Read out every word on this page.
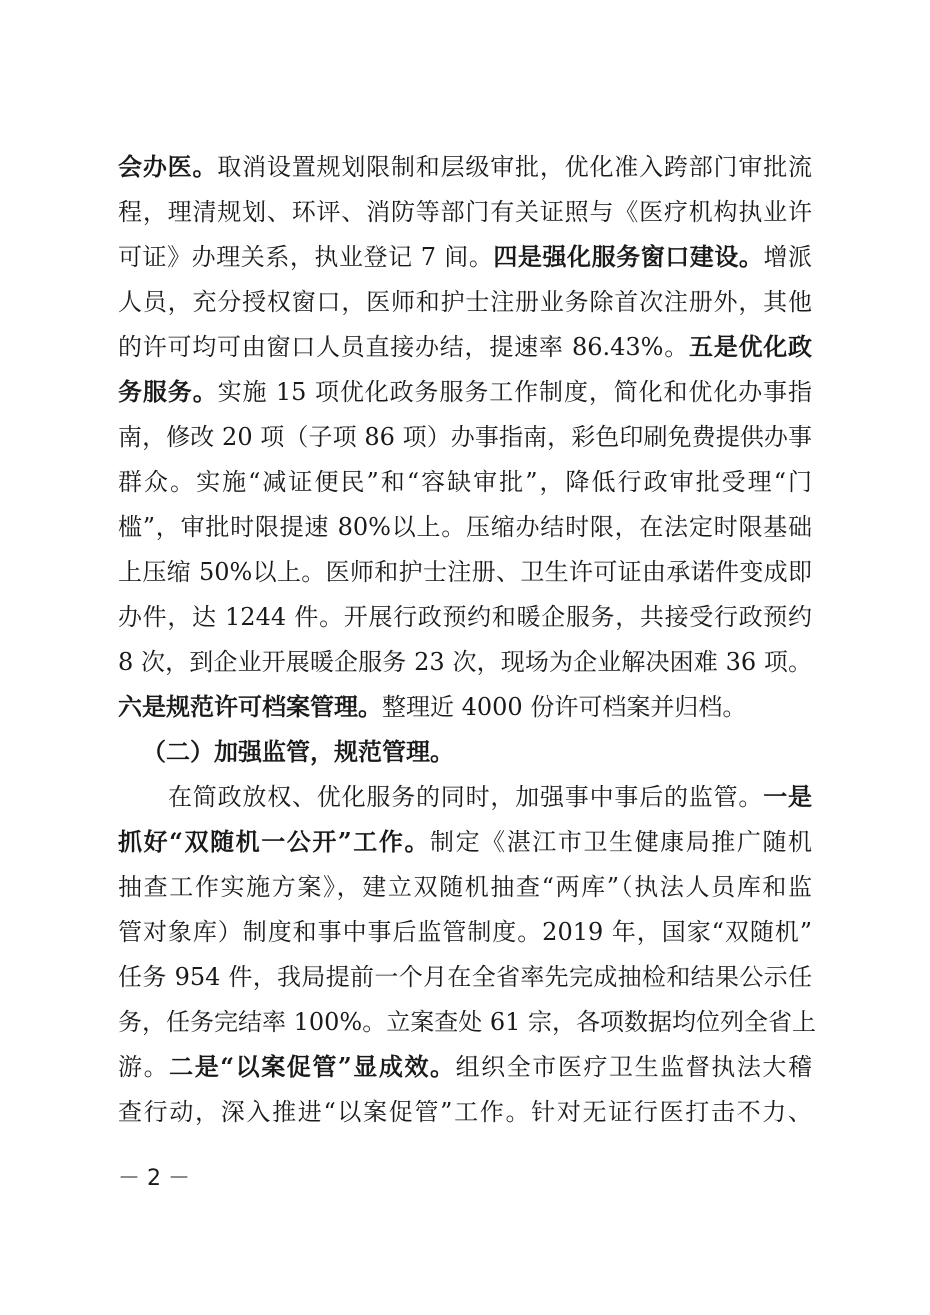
会办医。取消设置规划限制和层级审批，优化准入跨部门审批流
程，理清规划、环评、消防等部门有关证照与《医疗机构执业许
可证》办理关系，执业登记 7 间。四是强化服务窗口建设。增派
人员，充分授权窗口，医师和护士注册业务除首次注册外，其他
的许可均可由窗口人员直接办结，提速率 86.43%。五是优化政
务服务。实施 15 项优化政务服务工作制度，简化和优化办事指
南，修改 20 项（子项 86 项）办事指南，彩色印刷免费提供办事
群众。实施“减证便民”和“容缺审批”，降低行政审批受理“门
槛”，审批时限提速 80%以上。压缩办结时限，在法定时限基础
上压缩 50%以上。医师和护士注册、卫生许可证由承诺件变成即
办件，达 1244 件。开展行政预约和暖企服务，共接受行政预约
8 次，到企业开展暖企服务 23 次，现场为企业解决困难 36 项。
六是规范许可档案管理。整理近 4000 份许可档案并归档。
（二）加强监管，规范管理。
在简政放权、优化服务的同时，加强事中事后的监管。一是
抓好“双随机一公开”工作。制定《湛江市卫生健康局推广随机
抽查工作实施方案》，建立双随机抽查“两库”（执法人员库和监
管对象库）制度和事中事后监管制度。2019 年，国家“双随机”
任务 954 件，我局提前一个月在全省率先完成抽检和结果公示任
务，任务完结率 100%。立案查处 61 宗，各项数据均位列全省上
游。二是“以案促管”显成效。组织全市医疗卫生监督执法大稽
查行动，深入推进“以案促管”工作。针对无证行医打击不力、
－ 2 －
